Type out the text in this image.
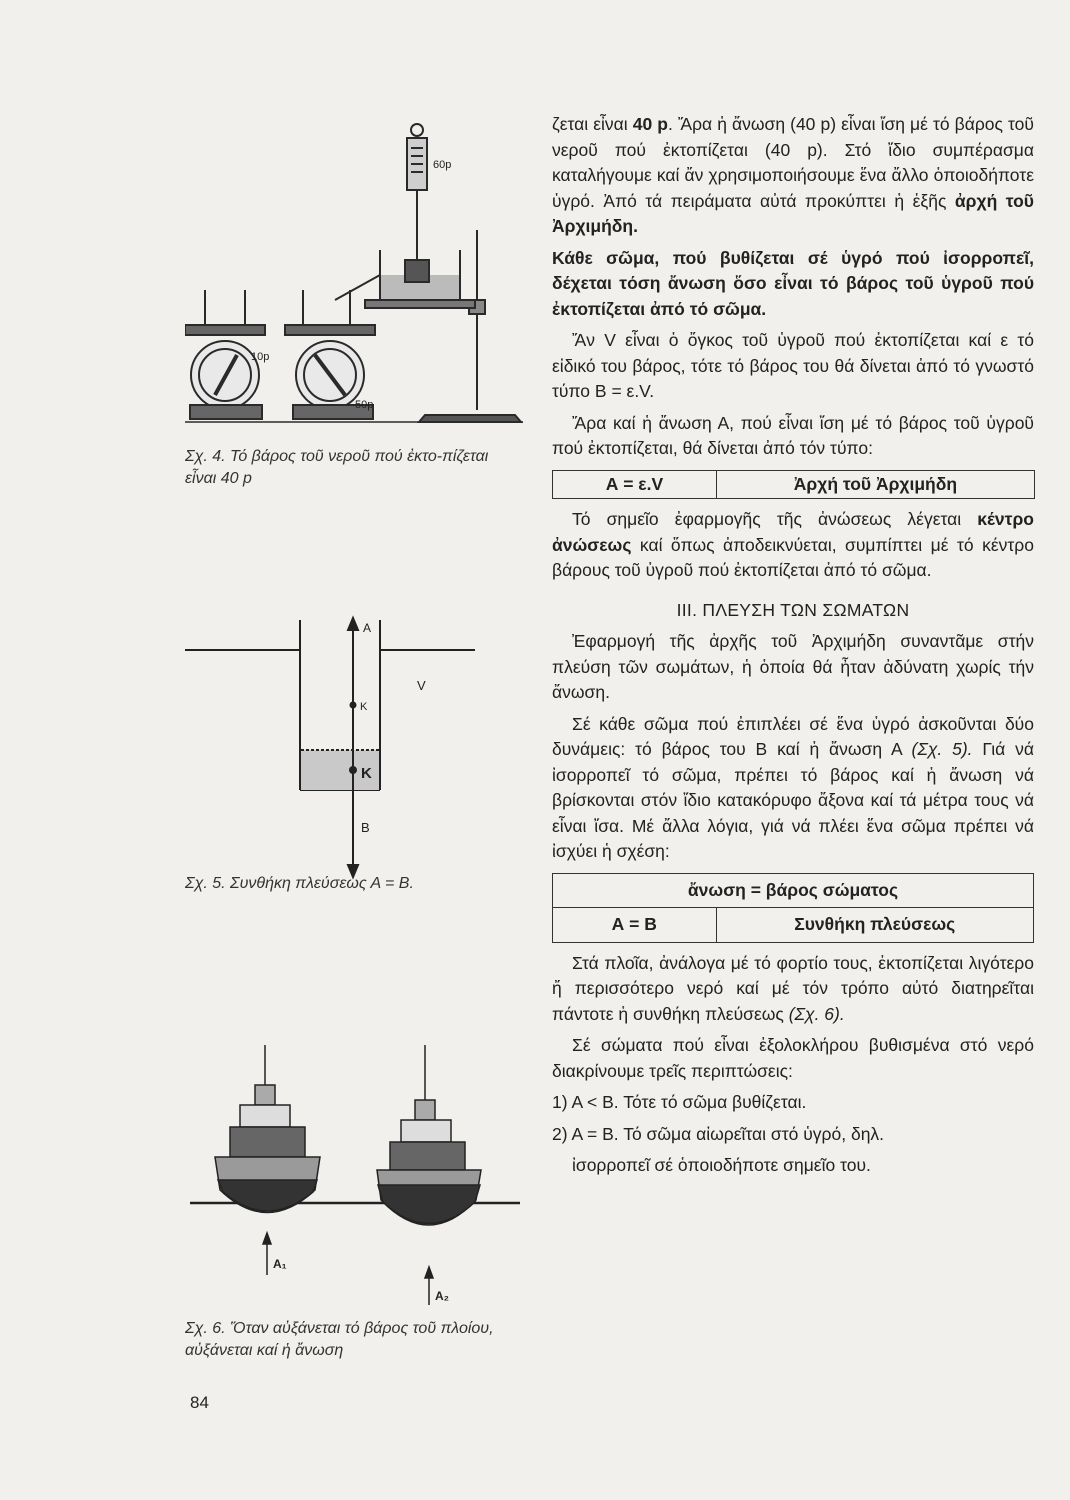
60p
10p
50p
Σχ. 4. Τό βάρος τοῦ νεροῦ πού ἐκτο-πίζεται εἶναι 40 p
A
V
K
K
B
Σχ. 5. Συνθήκη πλεύσεως Α = Β.
A₁
A₂
Σχ. 6. Ὅταν αὐξάνεται τό βάρος τοῦ πλοίου, αὐξάνεται καί ἡ ἄνωση

ζεται εἶναι 40 p. Ἄρα ἡ ἄνωση (40 p) εἶναι ἴση μέ τό βάρος τοῦ νεροῦ πού ἐκτοπίζεται (40 p). Στό ἴδιο συμπέρασμα καταλήγουμε καί ἄν χρησιμοποιήσουμε ἕνα ἄλλο ὁποιοδήποτε ὑγρό. Ἀπό τά πειράματα αὐτά προκύπτει ἡ ἑξῆς ἀρχή τοῦ Ἀρχιμήδη.

Κάθε σῶμα, πού βυθίζεται σέ ὑγρό πού ἰσορροπεῖ, δέχεται τόση ἄνωση ὅσο εἶναι τό βάρος τοῦ ὑγροῦ πού ἐκτοπίζεται ἀπό τό σῶμα.

Ἄν V εἶναι ὁ ὄγκος τοῦ ὑγροῦ πού ἐκτοπίζεται καί ε τό εἰδικό του βάρος, τότε τό βάρος του θά δίνεται ἀπό τό γνωστό τύπο Β = ε.V.

Ἄρα καί ἡ ἄνωση Α, πού εἶναι ἴση μέ τό βάρος τοῦ ὑγροῦ πού ἐκτοπίζεται, θά δίνεται ἀπό τόν τύπο:

Α = ε.V	Ἀρχή τοῦ Ἀρχιμήδη

Τό σημεῖο ἐφαρμογῆς τῆς ἀνώσεως λέγεται κέντρο ἀνώσεως καί ὅπως ἀποδεικνύεται, συμπίπτει μέ τό κέντρο βάρους τοῦ ὑγροῦ πού ἐκτοπίζεται ἀπό τό σῶμα.

III. ΠΛΕΥΣΗ ΤΩΝ ΣΩΜΑΤΩΝ

Ἐφαρμογή τῆς ἀρχῆς τοῦ Ἀρχιμήδη συναντᾶμε στήν πλεύση τῶν σωμάτων, ἡ ὁποία θά ἦταν ἀδύνατη χωρίς τήν ἄνωση.

Σέ κάθε σῶμα πού ἐπιπλέει σέ ἕνα ὑγρό ἀσκοῦνται δύο δυνάμεις: τό βάρος του Β καί ἡ ἄνωση Α (Σχ. 5). Γιά νά ἰσορροπεῖ τό σῶμα, πρέπει τό βάρος καί ἡ ἄνωση νά βρίσκονται στόν ἴδιο κατακόρυφο ἄξονα καί τά μέτρα τους νά εἶναι ἴσα. Μέ ἄλλα λόγια, γιά νά πλέει ἕνα σῶμα πρέπει νά ἰσχύει ἡ σχέση:

ἄνωση = βάρος σώματος
Α = Β	Συνθήκη πλεύσεως

Στά πλοῖα, ἀνάλογα μέ τό φορτίο τους, ἐκτοπίζεται λιγότερο ἤ περισσότερο νερό καί μέ τόν τρόπο αὐτό διατηρεῖται πάντοτε ἡ συνθήκη πλεύσεως (Σχ. 6).

Σέ σώματα πού εἶναι ἐξολοκλήρου βυθισμένα στό νερό διακρίνουμε τρεῖς περιπτώσεις:

1) Α < Β. Τότε τό σῶμα βυθίζεται.

2) Α = Β. Τό σῶμα αἰωρεῖται στό ὑγρό, δηλ.

ἰσορροπεῖ σέ ὁποιοδήποτε σημεῖο του.

84
